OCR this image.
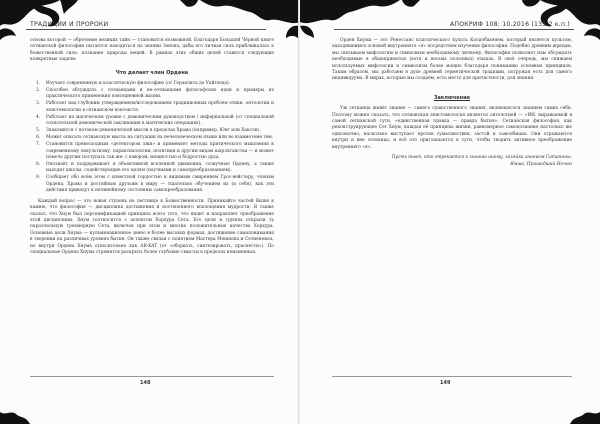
ТРАДИЦИИ И ПРОРОКИ

основа которой — обретение великих тайн — становится возможной. Благодаря Большой Чёрной книге сетианской философии пытается находиться на знании Зенона, дабы его личная сила приближалась к божественной силе, познание природы вещей. В рамках этих общих целей ставятся следующие конкретные задачи:

Что делает член Ордена
1. Изучает современную и классическую философию (от Гераклита до Уайтхеда).
2. Способен обсуждать с сетианцами и не-сетианцами философские идеи и примеры их практического применения повседневной жизни.
3. Работает над глубоким утверждением/исследованием традиционных проблем этики, онтологии и эпистемологии в сетианском контексте.
4. Работает на магическом уровне с демоническим руководством / инфернальной (от специальной сознательной демонической заклинания в магических операциях).
5. Знакомится с потоком демонической мысли в пределах Храма (например, Юнг или Хаксли).
6. Может описать сетианскую мысль на ситуации на нечеловеческом языке или во взаимотеме тем.
7. Становится превосходным «детектором лжи» и применяет методы критического мышления к современному оккультизму, парапсихологии, политики и другим видам шарлатанства — и может помочь другим поступать так же: с юмором, мощностью и бодростью духа.
8. Опознаёт и поддерживает в объективной вселенной движения, созвучные Ордену, а также находит школы, содействующие его целям (научными и самопреобразованием).
9. Сообщает обо всём этом с известной гордостью и видимым смирением Грос-вейстеру, членам Ордена, Храма и достойным друзьям в миру — тщательно обучением их (и себя), как эти действия приведут к нелинейному состоянию самопреобразования.

Каждый вопрос — это новая ступень на лестнице к Божественности. Приникайте частей Выше к камню, что философия — дисциплина достижения и постепенного воплощения мудрости. Я также сказал, что Хнум был персонификацией принципа всего того, что видит и направляет преображение этой дисциплины. Хнум соотносится с аспектом Хорхура Сета. Его цели и группы открыли ту параллельную трехмерную Сета, включая при этом и многие положительные качества Хорхура. Основные цели Хнума — кульминационное звено в более высоких формах, достижение самопонимания в творении на различных уровнях бытия. Он также связан с понятием Мастера Меншепа и Сетиенемса, но внутри Ордена Хнума относительно как АR-KAT (от «оборвать, синтезировать, праснести»). По специальные Ордена Хнума стремятся раскрыть более глубокие смыслы в пределах неизменных.

148
АПОКРИФ 108: 10.2016 (135.2 к.п.)

Орден Хнума — это Ренессанс классического культа Колдобахенем, который является культом, находившимся основой внутреннего «я» посредством изучения философии. Подобно древним жрецам, мы связываем мифологию и символизм необходимому личному. Философия позволяет нам обсуждать необходимые в общепринятых (хотя и весьма полезных) языках. В своё очередь, мы снижаем используемых мифологии и символизм более мощно благодаря пониманию основных принципов. Таким образом, мы работаем в духе древней герметической традиции, погружая есть для самого индивидуума. В мирах, которые мы создаём, есть место для причастности, для знания.

Заключение

Уж сетианца живёт знание — самого существенного знания, являющегося знанием самих себя. Поэтому можно сказать, что сетианская эпистемология является онтологией — «ИИ, выражаемой в самой сетианской сути, «единственная правда — правда бытия». Сетианская философия, как реконструирующее Сет Хнум, каждая её принципы жизни, равномерное самопознание настолько же однозначно, насколько выступает против сумасшествия, застой и самообмана. Они отражаются внутри и вне сетианца, и всё это приглашается к сути, чтобы творить активное преображение внутреннего «я».

Пусть пьют, кто отрекается к знанию иному, хозяйка знанием Сатанины,

Ямшо, Пришедший Ночью

149
